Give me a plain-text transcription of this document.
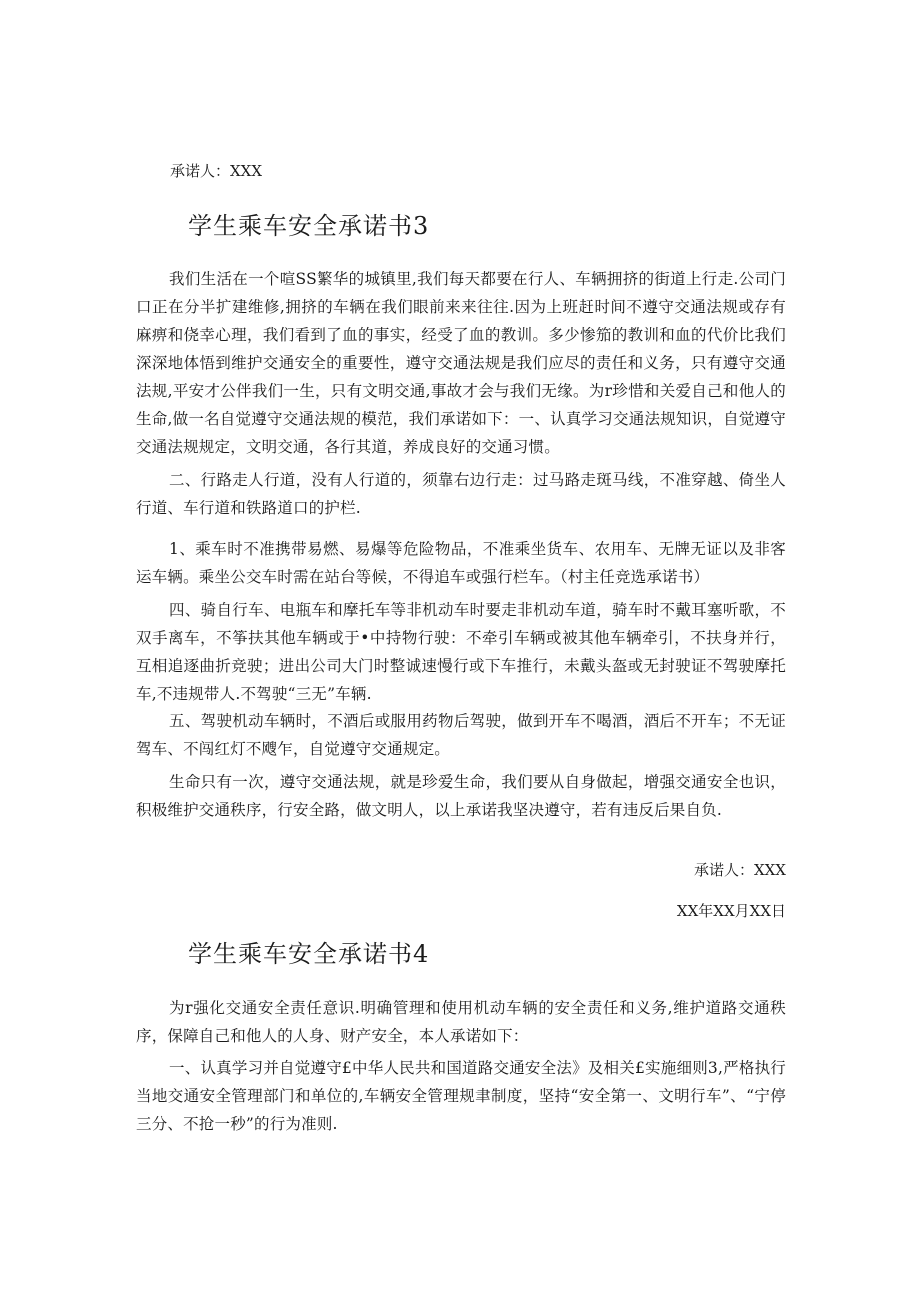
承诺人：XXX
学生乘车安全承诺书3

我们生活在一个喧SS繁华的城镇里,我们每天都要在行人、车辆拥挤的街道上行走.公司门口正在分半扩建维修,拥挤的车辆在我们眼前来来往往.因为上班赶时间不遵守交通法规或存有麻痹和侥幸心理，我们看到了血的事实，经受了血的教训。多少惨笳的教训和血的代价比我们深深地体悟到维护交通安全的重要性，遵守交通法规是我们应尽的责任和义务，只有遵守交通法规,平安才公伴我们一生，只有文明交通,事故才会与我们无缘。为r珍惜和关爱自己和他人的生命,做一名自觉遵守交通法规的模范，我们承诺如下：一、认真学习交通法规知识，自觉遵守交通法规规定，文明交通，各行其道，养成良好的交通习惯。

二、行路走人行道，没有人行道的，须靠右边行走：过马路走斑马线，不准穿越、倚坐人行道、车行道和铁路道口的护栏.

1、乘车时不准携带易燃、易爆等危险物品，不准乘坐货车、农用车、无牌无证以及非客运车辆。乘坐公交车时需在站台等候，不得追车或强行栏车。（村主任竞选承诺书）

四、骑自行车、电瓶车和摩托车等非机动车时要走非机动车道，骑车时不戴耳塞听歌，不双手离车，不筝扶其他车辆或于•中持物行驶：不牵引车辆或被其他车辆牵引，不扶身并行，互相追逐曲折竞驶；进出公司大门时整诚速慢行或下车推行，未戴头盔或无封驶证不驾驶摩托车,不违规带人.不驾驶“三无”车辆.

五、驾驶机动车辆时，不酒后或服用药物后驾驶，做到开车不喝酒，酒后不开车；不无证驾车、不闯红灯不飕乍，自觉遵守交通规定。

生命只有一次，遵守交通法规，就是珍爱生命，我们要从自身做起，增强交通安全也识，积极维护交通秩序，行安全路，做文明人，以上承诺我坚决遵守，若有违反后果自负.

承诺人：XXX
XX年XX月XX日
学生乘车安全承诺书4

为r强化交通安全责任意识.明确管理和使用机动车辆的安全责任和义务,维护道路交通秩序，保障自己和他人的人身、财产安全，本人承诺如下：

一、认真学习并自觉遵守£中华人民共和国道路交通安全法》及相关£实施细则3,严格执行当地交通安全管理部门和单位的,车辆安全管理规聿制度，坚持“安全第一、文明行车”、“宁停三分、不抢一秒”的行为准则.
